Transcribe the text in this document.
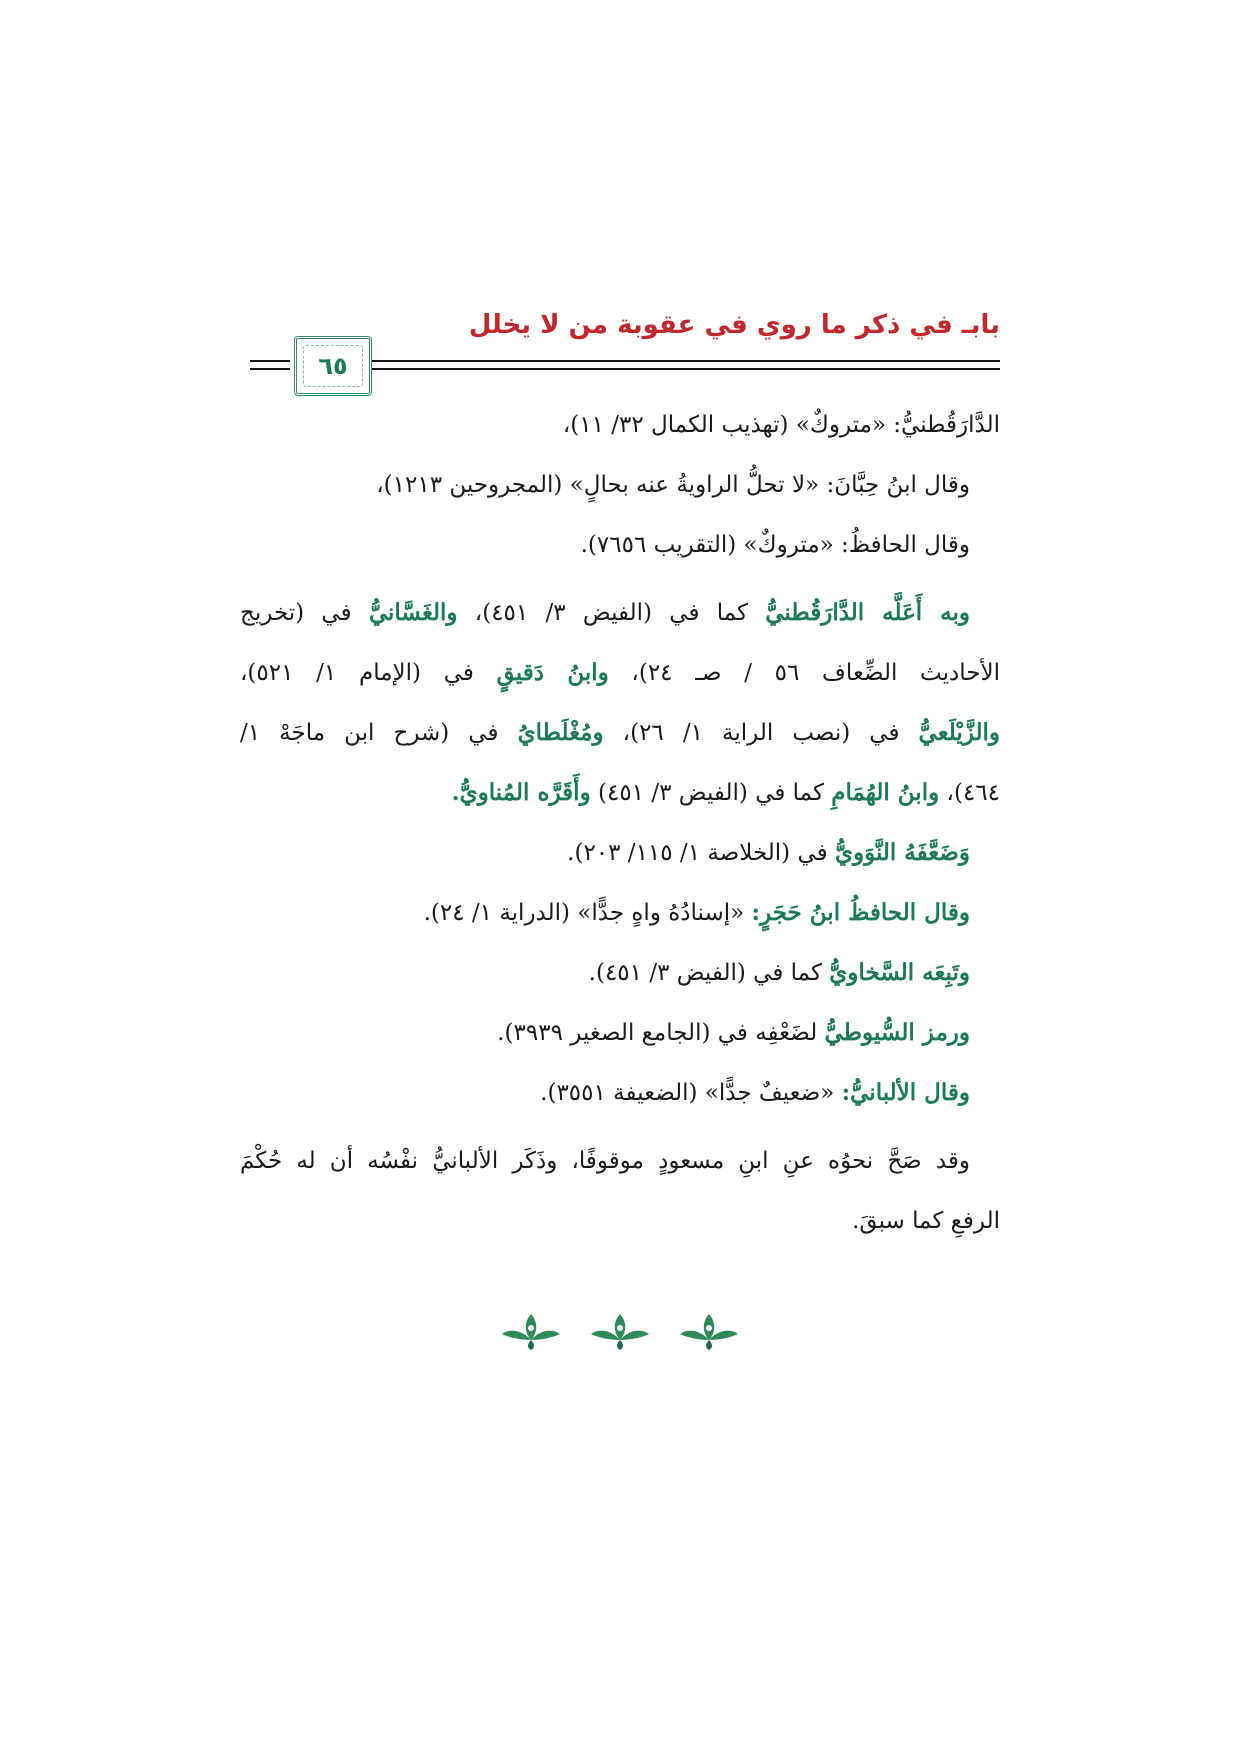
بابـ في ذكر ما روي في عقوبة من لا يخلل
٦٥
الدَّارَقُطنيُّ: «متروكٌ» (تهذيب الكمال ٣٢/ ١١)،
وقال ابنُ حِبَّانَ: «لا تحلُّ الراويةُ عنه بحالٍ» (المجروحين ١٢١٣)،
وقال الحافظُ: «متروكٌ» (التقريب ٧٦٥٦).
وبه أَعَلَّه الدَّارَقُطنيُّ كما في (الفيض ٣/ ٤٥١)، والغَسَّانيُّ في (تخريج
الأحاديث الضِّعاف ٥٦ / صـ ٢٤)، وابنُ دَقيقٍ في (الإمام ١/ ٥٢١)،
والزَّيْلَعيُّ في (نصب الراية ١/ ٢٦)، ومُغْلَطايُ في (شرح ابن ماجَهْ ١/
٤٦٤)، وابنُ الهُمَامِ كما في (الفيض ٣/ ٤٥١) وأَقَرَّه المُناويُّ.
وَضَعَّفَهُ النَّوَويُّ في (الخلاصة ١/ ١١٥/ ٢٠٣).
وقال الحافظُ ابنُ حَجَرٍ: «إسنادُهُ واهٍ جدًّا» (الدراية ١/ ٢٤).
وتَبِعَه السَّخاويُّ كما في (الفيض ٣/ ٤٥١).
ورمز السُّيوطيُّ لضَعْفِه في (الجامع الصغير ٣٩٣٩).
وقال الألبانيُّ: «ضعيفٌ جدًّا» (الضعيفة ٣٥٥١).
وقد صَحَّ نحوُه عنِ ابنِ مسعودٍ موقوفًا، وذَكَر الألبانيُّ نفْسُه أن له حُكْمَ
الرفعِ كما سبقَ.
